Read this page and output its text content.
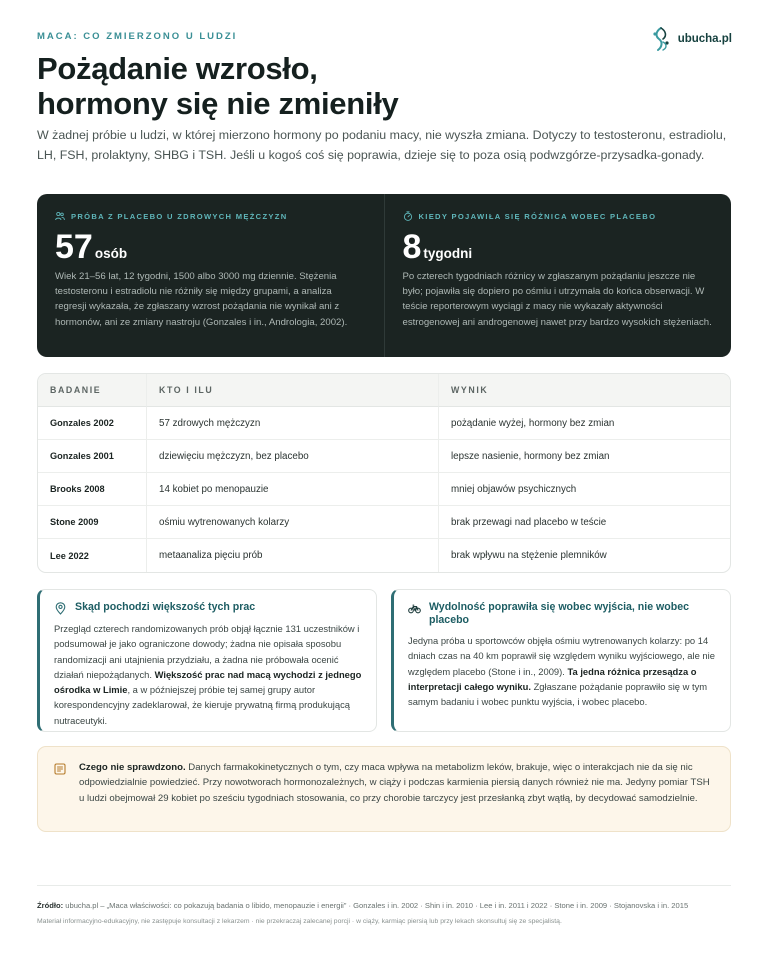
MACA: CO ZMIERZONO U LUDZI	ubucha.pl
Pożądanie wzrosło,
hormony się nie zmieniły

W żadnej próbie u ludzi, w której mierzono hormony po podaniu macy, nie wyszła zmiana. Dotyczy to testosteronu, estradiolu, LH, FSH, prolaktyny, SHBG i TSH. Jeśli u kogoś coś się poprawia, dzieje się to poza osią podwzgórze-przysadka-gonady.

PRÓBA Z PLACEBO U ZDROWYCH MĘŻCZYZN
57 osób

Wiek 21–56 lat, 12 tygodni, 1500 albo 3000 mg dziennie. Stężenia testosteronu i estradiolu nie różniły się między grupami, a analiza regresji wykazała, że zgłaszany wzrost pożądania nie wynikał ani z hormonów, ani ze zmiany nastroju (Gonzales i in., Andrologia, 2002).

KIEDY POJAWIŁA SIĘ RÓŻNICA WOBEC PLACEBO
8 tygodni

Po czterech tygodniach różnicy w zgłaszanym pożądaniu jeszcze nie było; pojawiła się dopiero po ośmiu i utrzymała do końca obserwacji. W teście reporterowym wyciągi z macy nie wykazały aktywności estrogenowej ani androgenowej nawet przy bardzo wysokich stężeniach.

BADANIE	KTO I ILU	WYNIK
Gonzales 2002	57 zdrowych mężczyzn	pożądanie wyżej, hormony bez zmian
Gonzales 2001	dziewięciu mężczyzn, bez placebo	lepsze nasienie, hormony bez zmian
Brooks 2008	14 kobiet po menopauzie	mniej objawów psychicznych
Stone 2009	ośmiu wytrenowanych kolarzy	brak przewagi nad placebo w teście
Lee 2022	metaanaliza pięciu prób	brak wpływu na stężenie plemników
Skąd pochodzi większość tych prac

Przegląd czterech randomizowanych prób objął łącznie 131 uczestników i podsumował je jako ograniczone dowody; żadna nie opisała sposobu randomizacji ani utajnienia przydziału, a żadna nie próbowała ocenić działań niepożądanych. Większość prac nad macą wychodzi z jednego ośrodka w Limie, a w późniejszej próbie tej samej grupy autor korespondencyjny zadeklarował, że kieruje prywatną firmą produkującą nutraceutyki.

Wydolność poprawiła się wobec wyjścia, nie wobec placebo

Jedyna próba u sportowców objęła ośmiu wytrenowanych kolarzy: po 14 dniach czas na 40 km poprawił się względem wyniku wyjściowego, ale nie względem placebo (Stone i in., 2009). Ta jedna różnica przesądza o interpretacji całego wyniku. Zgłaszane pożądanie poprawiło się w tym samym badaniu i wobec punktu wyjścia, i wobec placebo.

Czego nie sprawdzono. Danych farmakokinetycznych o tym, czy maca wpływa na metabolizm leków, brakuje, więc o interakcjach nie da się nic odpowiedzialnie powiedzieć. Przy nowotworach hormonozależnych, w ciąży i podczas karmienia piersią danych również nie ma. Jedyny pomiar TSH u ludzi obejmował 29 kobiet po sześciu tygodniach stosowania, co przy chorobie tarczycy jest przesłanką zbyt wątłą, by decydować samodzielnie.

Źródło: ubucha.pl – „Maca właściwości: co pokazują badania o libido, menopauzie i energii” · Gonzales i in. 2002 · Shin i in. 2010 · Lee i in. 2011 i 2022 · Stone i in. 2009 · Stojanovska i in. 2015

Materiał informacyjno-edukacyjny, nie zastępuje konsultacji z lekarzem · nie przekraczaj zalecanej porcji · w ciąży, karmiąc piersią lub przy lekach skonsultuj się ze specjalistą.
